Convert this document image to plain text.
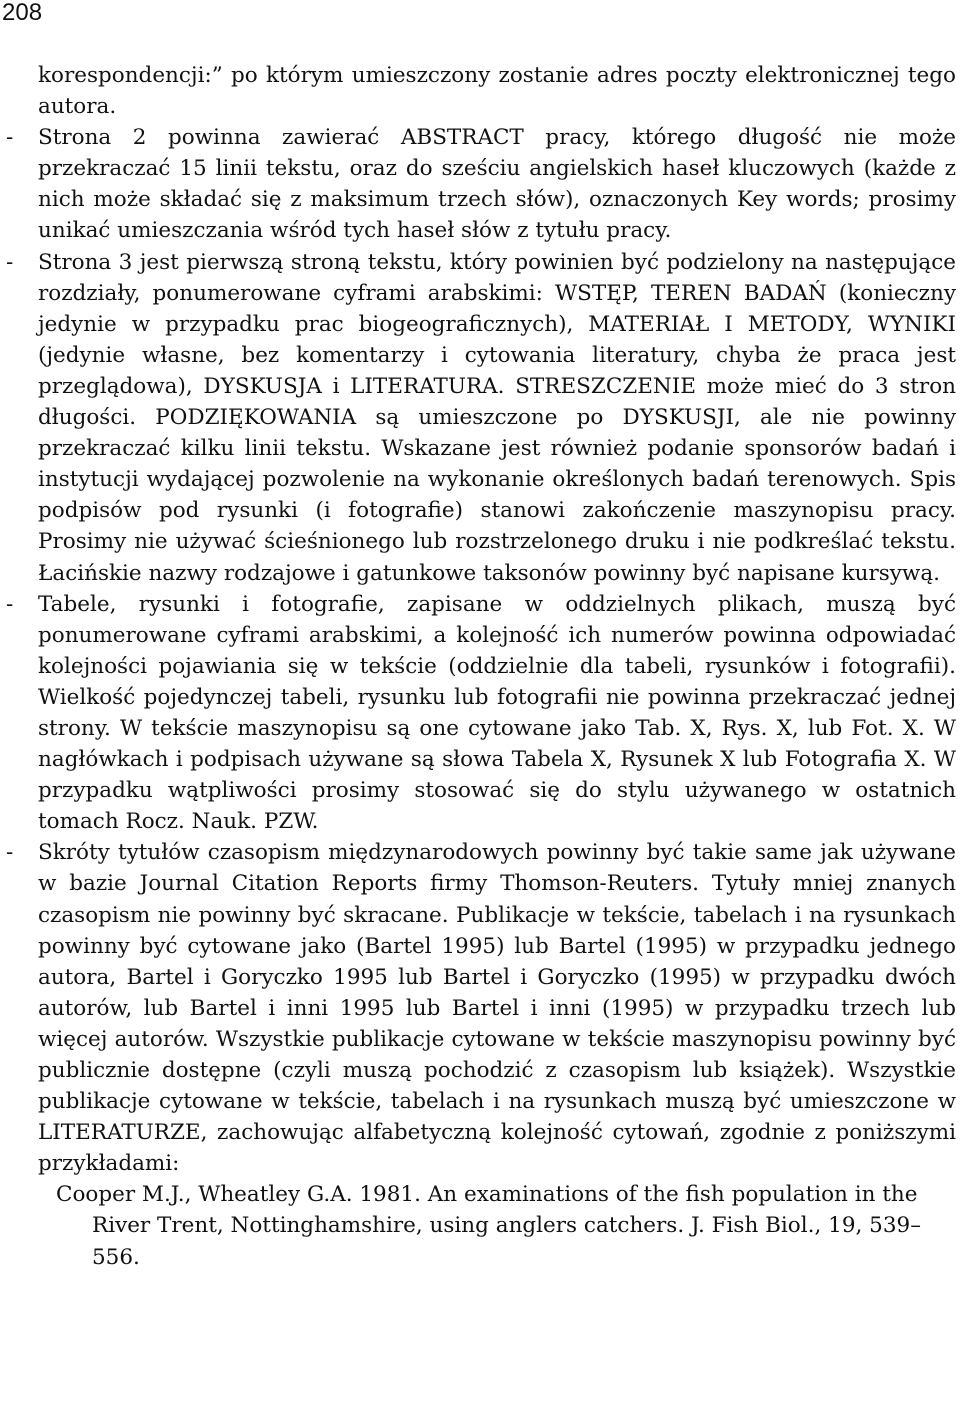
208
korespondencji:” po którym umieszczony zostanie adres poczty elektronicznej tego autora.
- Strona 2 powinna zawierać ABSTRACT pracy, którego długość nie może przekraczać 15 linii tekstu, oraz do sześciu angielskich haseł kluczowych (każde z nich może składać się z maksimum trzech słów), oznaczonych Key words; prosimy unikać umieszczania wśród tych haseł słów z tytułu pracy.
- Strona 3 jest pierwszą stroną tekstu, który powinien być podzielony na następujące rozdziały, ponumerowane cyframi arabskimi: WSTĘP, TEREN BADAŃ (konieczny jedynie w przypadku prac biogeograficznych), MATERIAŁ I METODY, WYNIKI (jedynie własne, bez komentarzy i cytowania literatury, chyba że praca jest przeglądowa), DYSKUSJA i LITERATURA. STRESZCZENIE może mieć do 3 stron długości. PODZIĘKOWANIA są umieszczone po DYSKUSJI, ale nie powinny przekraczać kilku linii tekstu. Wskazane jest również podanie sponsorów badań i instytucji wydającej pozwolenie na wykonanie określonych badań terenowych. Spis podpisów pod rysunki (i fotografie) stanowi zakończenie maszynopisu pracy. Prosimy nie używać ścieśnionego lub rozstrzelonego druku i nie podkreślać tekstu. Łacińskie nazwy rodzajowe i gatunkowe taksonów powinny być napisane kursywą.
- Tabele, rysunki i fotografie, zapisane w oddzielnych plikach, muszą być ponumerowane cyframi arabskimi, a kolejność ich numerów powinna odpowiadać kolejności pojawiania się w tekście (oddzielnie dla tabeli, rysunków i fotografii). Wielkość pojedynczej tabeli, rysunku lub fotografii nie powinna przekraczać jednej strony. W tekście maszynopisu są one cytowane jako Tab. X, Rys. X, lub Fot. X. W nagłówkach i podpisach używane są słowa Tabela X, Rysunek X lub Fotografia X. W przypadku wątpliwości prosimy stosować się do stylu używanego w ostatnich tomach Rocz. Nauk. PZW.
- Skróty tytułów czasopism międzynarodowych powinny być takie same jak używane w bazie Journal Citation Reports firmy Thomson-Reuters. Tytuły mniej znanych czasopism nie powinny być skracane. Publikacje w tekście, tabelach i na rysunkach powinny być cytowane jako (Bartel 1995) lub Bartel (1995) w przypadku jednego autora, Bartel i Goryczko 1995 lub Bartel i Goryczko (1995) w przypadku dwóch autorów, lub Bartel i inni 1995 lub Bartel i inni (1995) w przypadku trzech lub więcej autorów. Wszystkie publikacje cytowane w tekście maszynopisu powinny być publicznie dostępne (czyli muszą pochodzić z czasopism lub książek). Wszystkie publikacje cytowane w tekście, tabelach i na rysunkach muszą być umieszczone w LITERATURZE, zachowując alfabetyczną kolejność cytowań, zgodnie z poniższymi przykładami:
Cooper M.J., Wheatley G.A. 1981. An examinations of the fish population in the River Trent, Nottinghamshire, using anglers catchers. J. Fish Biol., 19, 539–556.
